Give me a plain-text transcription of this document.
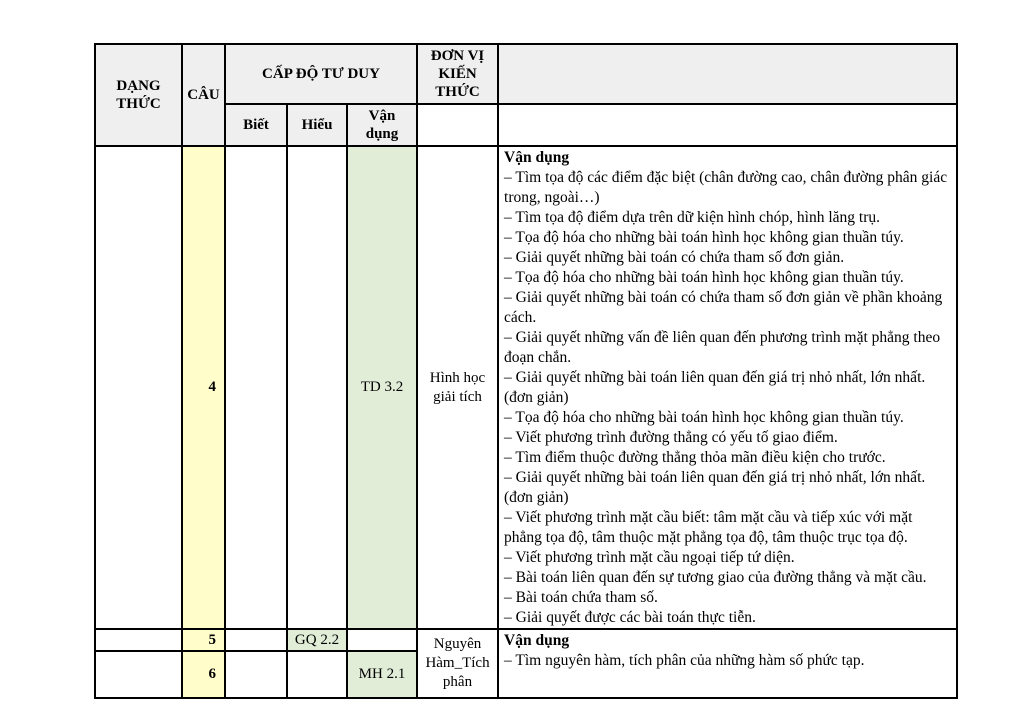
DẠNG THỨC	CÂU	CẤP ĐỘ TƯ DUY			ĐƠN VỊ KIẾN THỨC	
		Biết	Hiểu	Vận dụng		
	4			TD 3.2	Hình học giải tích	
Vận dụng
– Tìm tọa độ các điểm đặc biệt (chân đường cao, chân đường phân giác trong, ngoài…)
– Tìm tọa độ điểm dựa trên dữ kiện hình chóp, hình lăng trụ.
– Tọa độ hóa cho những bài toán hình học không gian thuần túy.
– Giải quyết những bài toán có chứa tham số đơn giản.
– Tọa độ hóa cho những bài toán hình học không gian thuần túy.
– Giải quyết những bài toán có chứa tham số đơn giản về phần khoảng cách.
– Giải quyết những vấn đề liên quan đến phương trình mặt phẳng theo đoạn chắn.
– Giải quyết những bài toán liên quan đến giá trị nhỏ nhất, lớn nhất.(đơn giản)
– Tọa độ hóa cho những bài toán hình học không gian thuần túy.
– Viết phương trình đường thẳng có yếu tố giao điểm.
– Tìm điểm thuộc đường thẳng thỏa mãn điều kiện cho trước.
– Giải quyết những bài toán liên quan đến giá trị nhỏ nhất, lớn nhất. (đơn giản)
– Viết phương trình mặt cầu biết: tâm mặt cầu và tiếp xúc với mặt phẳng tọa độ, tâm thuộc mặt phẳng tọa độ, tâm thuộc trục tọa độ.
– Viết phương trình mặt cầu ngoại tiếp tứ diện.
– Bài toán liên quan đến sự tương giao của đường thẳng và mặt cầu.
– Bài toán chứa tham số.
– Giải quyết được các bài toán thực tiễn.

	5		GQ 2.2		Nguyên Hàm_Tích phân	Vận dụng
– Tìm nguyên hàm, tích phân của những hàm số phức tạp.

	6			MH 2.1		
